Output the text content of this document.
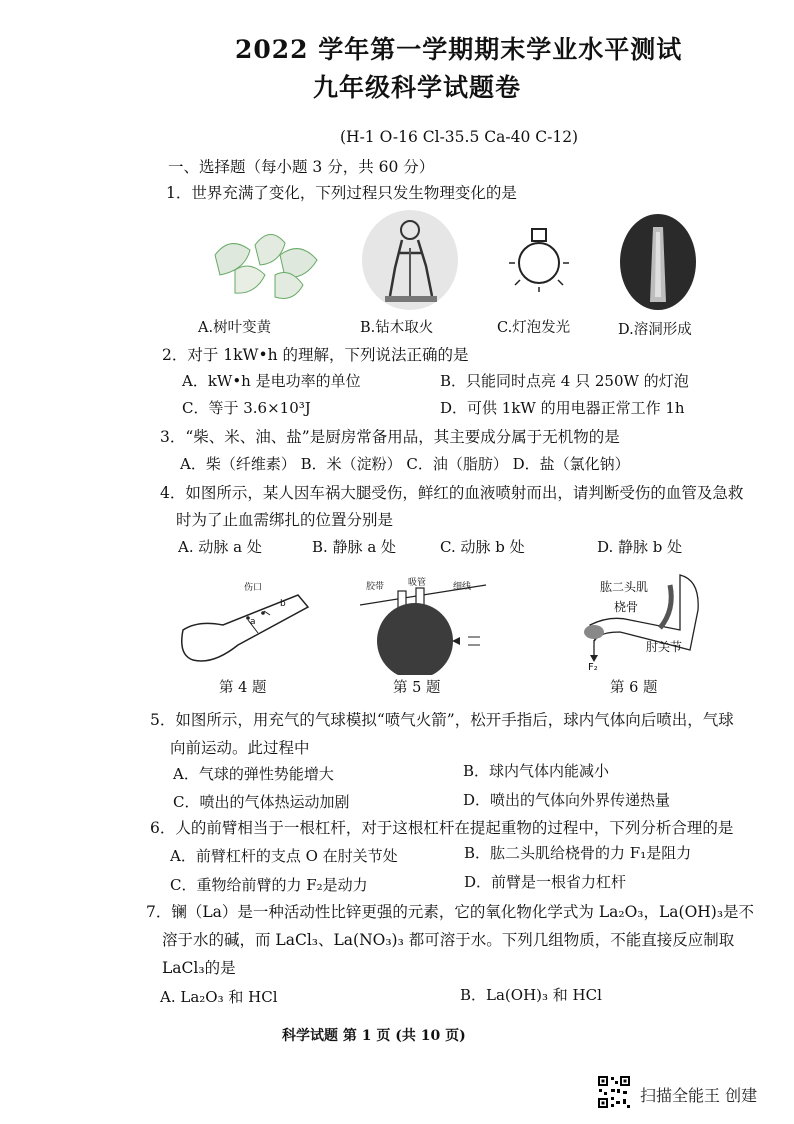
2022 学年第一学期期末学业水平测试
九年级科学试题卷
(H-1 O-16 Cl-35.5 Ca-40 C-12)
一、选择题（每小题 3 分，共 60 分）
1．世界充满了变化，下列过程只发生物理变化的是
A.树叶变黄	B.钻木取火	C.灯泡发光	D.溶洞形成
2．对于 1kW•h 的理解，下列说法正确的是
A．kW•h 是电功率的单位	B．只能同时点亮 4 只 250W 的灯泡
C．等于 3.6×10³J	D．可供 1kW 的用电器正常工作 1h
3．“柴、米、油、盐”是厨房常备用品，其主要成分属于无机物的是
A．柴（纤维素） B．米（淀粉） C．油（脂肪） D．盐（氯化钠）
4．如图所示，某人因车祸大腿受伤，鲜红的血液喷射而出，请判断受伤的血管及急救
时为了止血需绑扎的位置分别是
A. 动脉 a 处	B. 静脉 a 处	C. 动脉 b 处	D. 静脉 b 处
伤口
b
a
第 4 题
胶带	吸管	细线
第 5 题
肱二头肌
桡骨
肘关节
F₂
第 6 题
5．如图所示，用充气的气球模拟“喷气火箭”，松开手指后，球内气体向后喷出，气球
向前运动。此过程中
A．气球的弹性势能增大	B．球内气体内能减小
C．喷出的气体热运动加剧	D．喷出的气体向外界传递热量
6．人的前臂相当于一根杠杆，对于这根杠杆在提起重物的过程中，下列分析合理的是
A．前臂杠杆的支点 O 在肘关节处	B．肱二头肌给桡骨的力 F₁是阻力
C．重物给前臂的力 F₂是动力	D．前臂是一根省力杠杆
7．镧（La）是一种活动性比锌更强的元素，它的氧化物化学式为 La₂O₃，La(OH)₃是不
溶于水的碱，而 LaCl₃、La(NO₃)₃ 都可溶于水。下列几组物质，不能直接反应制取
LaCl₃的是
A. La₂O₃ 和 HCl	B．La(OH)₃ 和 HCl
科学试题 第 1 页 (共 10 页)
扫描全能王 创建
